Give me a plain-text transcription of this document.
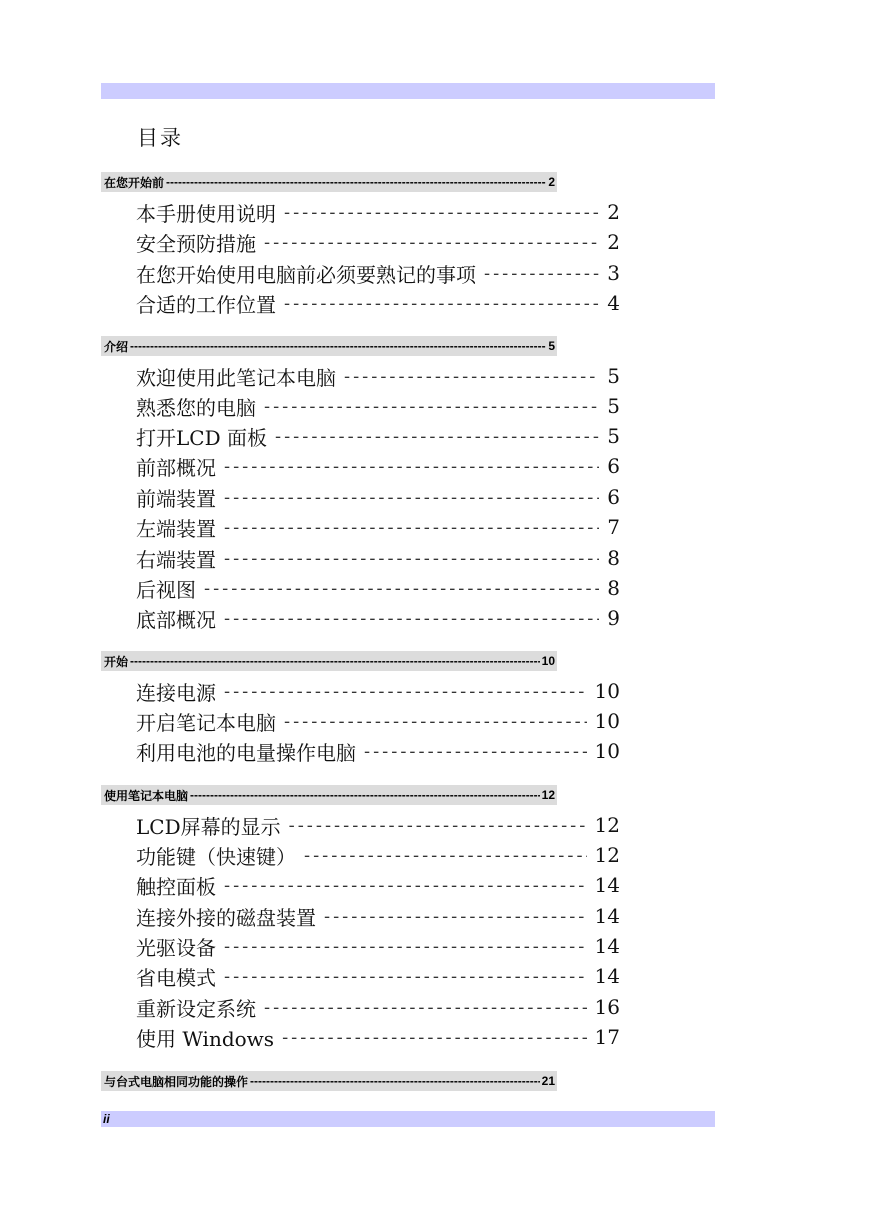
目录
在您开始前 -----	2
本手册使用说明 -----	2
安全预防措施 -----	2
在您开始使用电脑前必须要熟记的事项 -----	3
合适的工作位置 -----	4
介绍 -----	5
欢迎使用此笔记本电脑 -----	5
熟悉您的电脑 -----	5
打开LCD 面板 -----	5
前部概况 -----	6
前端装置 -----	6
左端装置 -----	7
右端装置 -----	8
后视图 -----	8
底部概况 -----	9
开始 -----	10
连接电源 -----	10
开启笔记本电脑 -----	10
利用电池的电量操作电脑 -----	10
使用笔记本电脑 -----	12
LCD屏幕的显示 -----	12
功能键（快速键） -----	12
触控面板 -----	14
连接外接的磁盘装置 -----	14
光驱设备 -----	14
省电模式 -----	14
重新设定系统 -----	16
使用 Windows -----	17
与台式电脑相同功能的操作 -----	21
ii
